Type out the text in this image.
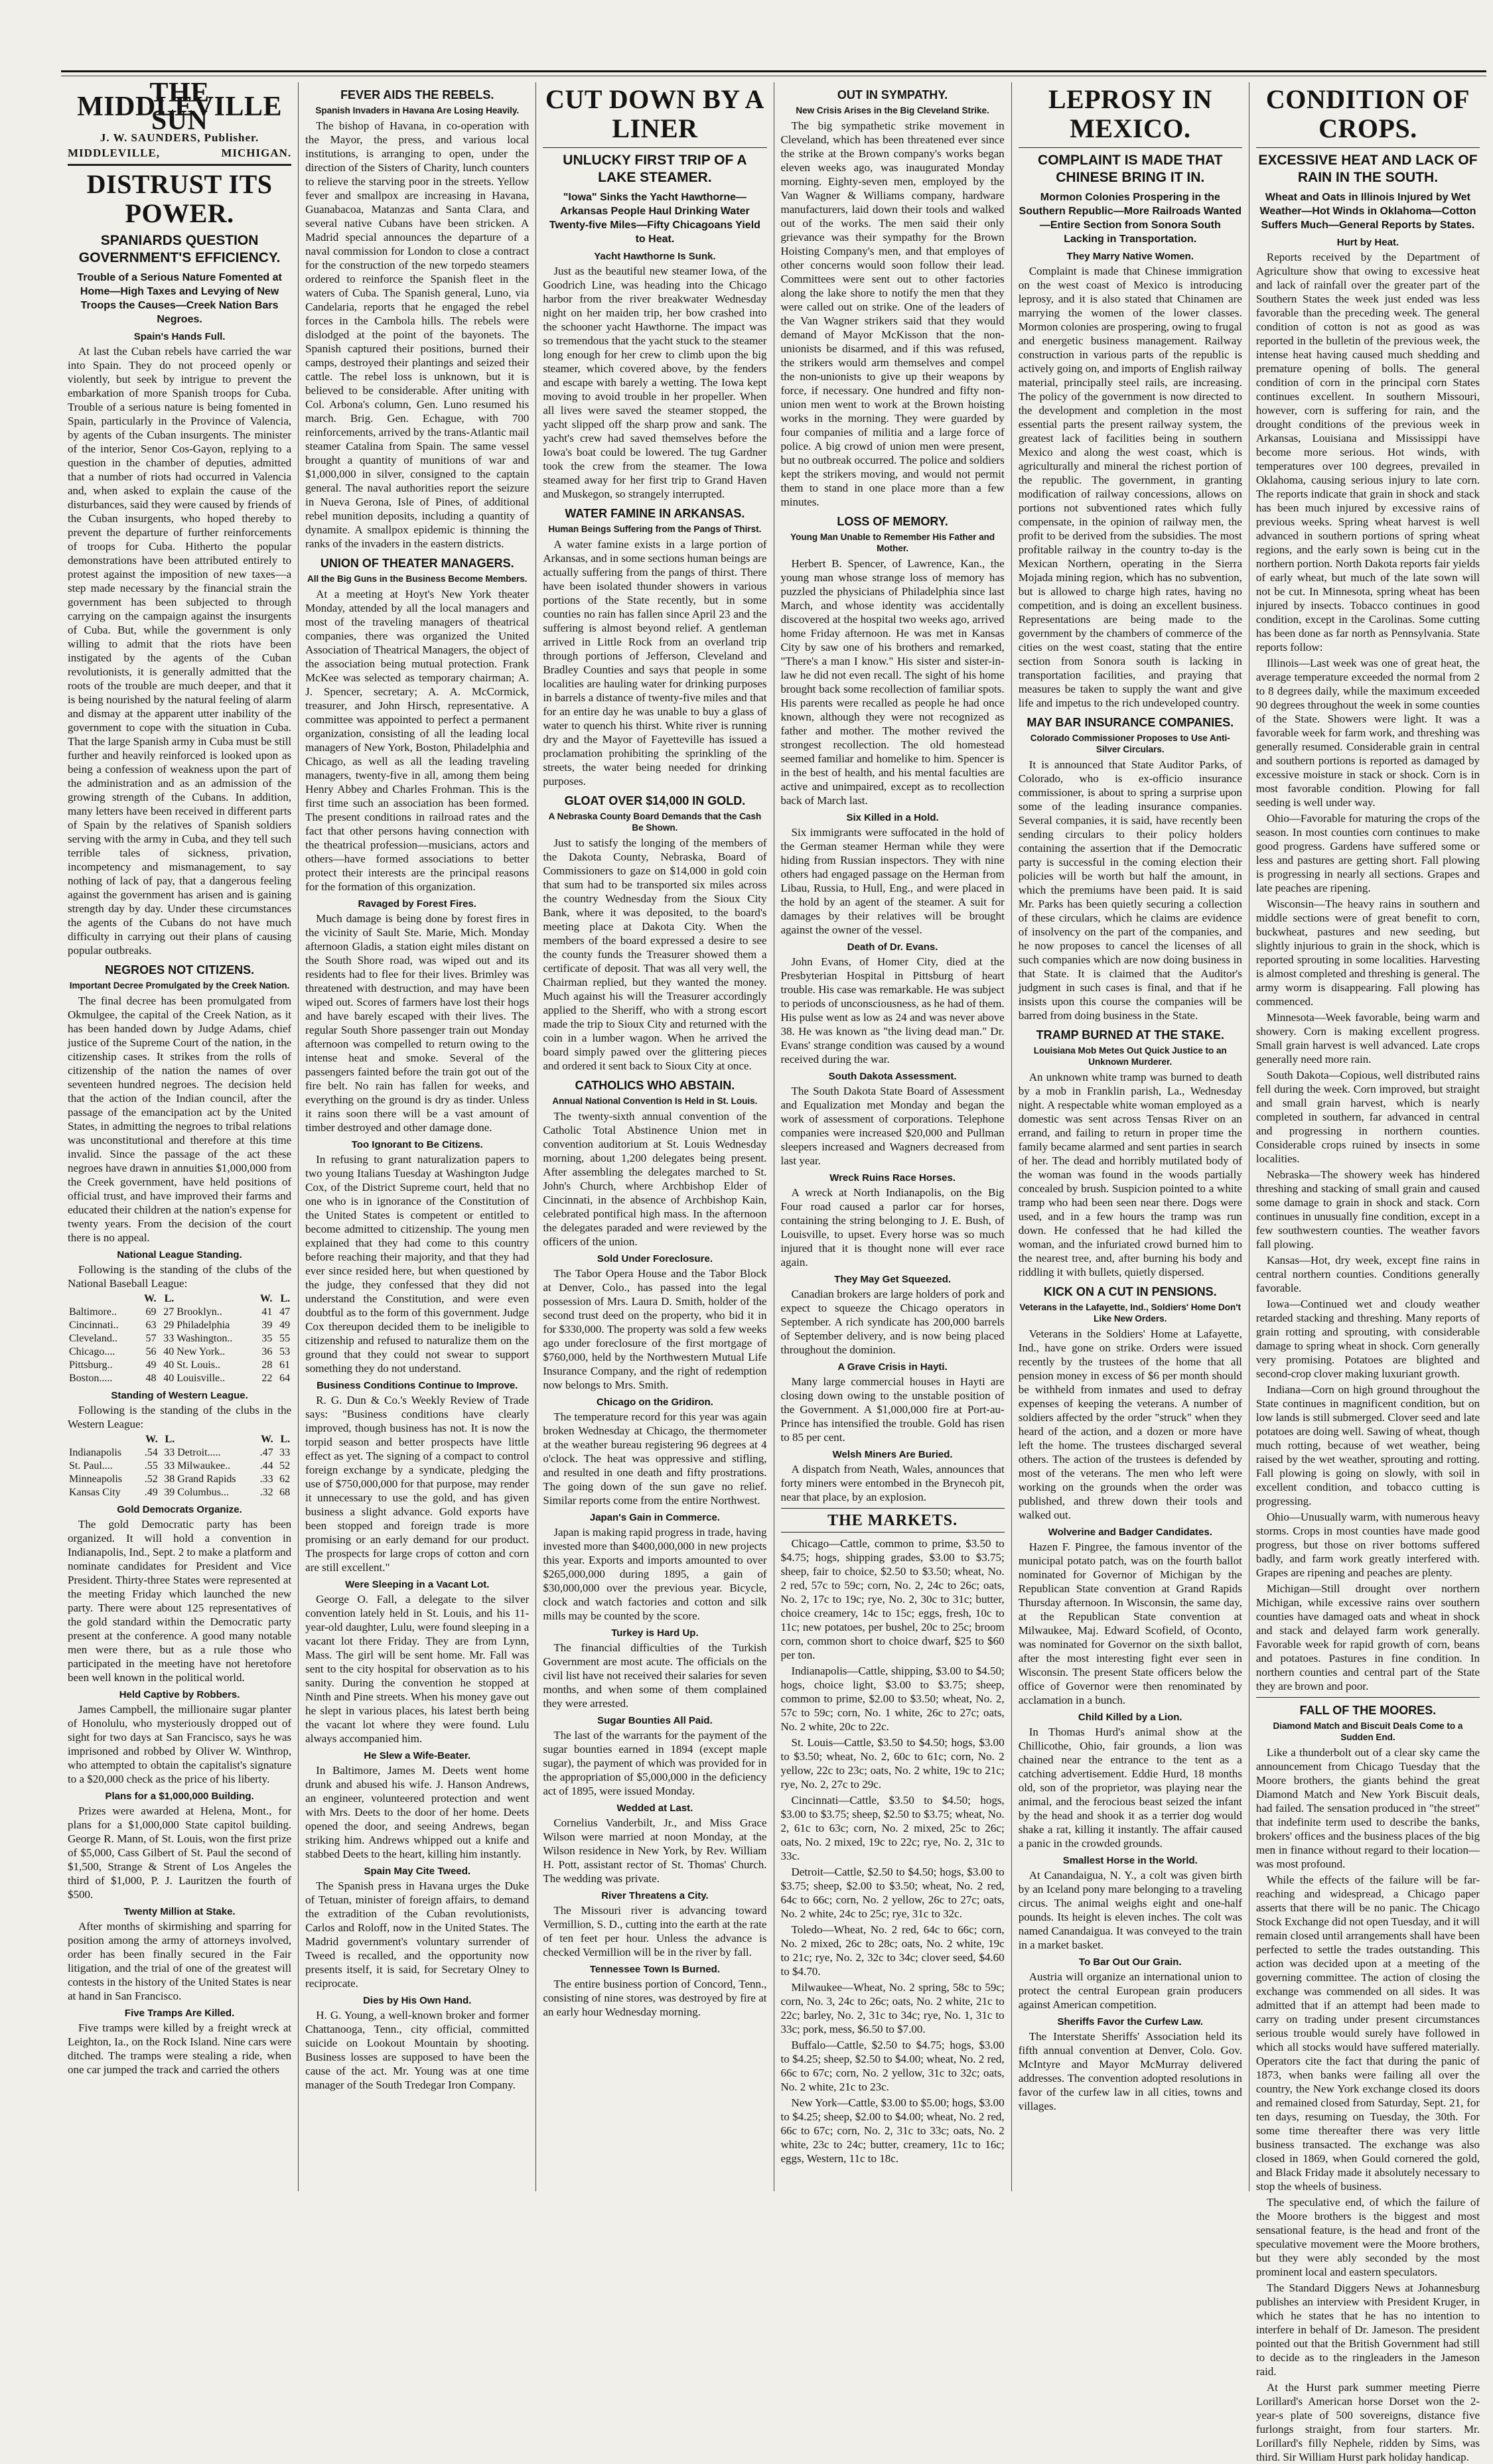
THE MIDDLEVILLE SUN
J. W. SAUNDERS, Publisher.
MIDDLEVILLE,	MICHIGAN.
DISTRUST ITS POWER.
SPANIARDS QUESTION GOVERNMENT'S EFFICIENCY.
Trouble of a Serious Nature Fomented at Home—High Taxes and Levying of New Troops the Causes—Creek Nation Bars Negroes.
Spain's Hands Full.

At last the Cuban rebels have carried the war into Spain. They do not proceed openly or violently, but seek by intrigue to prevent the embarkation of more Spanish troops for Cuba. Trouble of a serious nature is being fomented in Spain, particularly in the Province of Valencia, by agents of the Cuban insurgents. The minister of the interior, Senor Cos-Gayon, replying to a question in the chamber of deputies, admitted that a number of riots had occurred in Valencia and, when asked to explain the cause of the disturbances, said they were caused by friends of the Cuban insurgents, who hoped thereby to prevent the departure of further reinforcements of troops for Cuba. Hitherto the popular demonstrations have been attributed entirely to protest against the imposition of new taxes—a step made necessary by the financial strain the government has been subjected to through carrying on the campaign against the insurgents of Cuba. But, while the government is only willing to admit that the riots have been instigated by the agents of the Cuban revolutionists, it is generally admitted that the roots of the trouble are much deeper, and that it is being nourished by the natural feeling of alarm and dismay at the apparent utter inability of the government to cope with the situation in Cuba. That the large Spanish army in Cuba must be still further and heavily reinforced is looked upon as being a confession of weakness upon the part of the administration and as an admission of the growing strength of the Cubans. In addition, many letters have been received in different parts of Spain by the relatives of Spanish soldiers serving with the army in Cuba, and they tell such terrible tales of sickness, privation, incompetency and mismanagement, to say nothing of lack of pay, that a dangerous feeling against the government has arisen and is gaining strength day by day. Under these circumstances the agents of the Cubans do not have much difficulty in carrying out their plans of causing popular outbreaks.

NEGROES NOT CITIZENS.
Important Decree Promulgated by the Creek Nation.

The final decree has been promulgated from Okmulgee, the capital of the Creek Nation, as it has been handed down by Judge Adams, chief justice of the Supreme Court of the nation, in the citizenship cases. It strikes from the rolls of citizenship of the nation the names of over seventeen hundred negroes. The decision held that the action of the Indian council, after the passage of the emancipation act by the United States, in admitting the negroes to tribal relations was unconstitutional and therefore at this time invalid. Since the passage of the act these negroes have drawn in annuities $1,000,000 from the Creek government, have held positions of official trust, and have improved their farms and educated their children at the nation's expense for twenty years. From the decision of the court there is no appeal.

National League Standing.

Following is the standing of the clubs of the National Baseball League:

	W.	L.		W.	L.
Baltimore..	69	27	Brooklyn..	41	47
Cincinnati..	63	29	Philadelphia	39	49
Cleveland..	57	33	Washington..	35	55
Chicago....	56	40	New York..	36	53
Pittsburg..	49	40	St. Louis..	28	61
Boston.....	48	40	Louisville..	22	64
Standing of Western League.

Following is the standing of the clubs in the Western League:

	W.	L.		W.	L.
Indianapolis	.54	33	Detroit.....	.47	33
St. Paul....	.55	33	Milwaukee..	.44	52
Minneapolis	.52	38	Grand Rapids	.33	62
Kansas City	.49	39	Columbus...	.32	68
Gold Democrats Organize.

The gold Democratic party has been organized. It will hold a convention in Indianapolis, Ind., Sept. 2 to make a platform and nominate candidates for President and Vice President. Thirty-three States were represented at the meeting Friday which launched the new party. There were about 125 representatives of the gold standard within the Democratic party present at the conference. A good many notable men were there, but as a rule those who participated in the meeting have not heretofore been well known in the political world.

Held Captive by Robbers.

James Campbell, the millionaire sugar planter of Honolulu, who mysteriously dropped out of sight for two days at San Francisco, says he was imprisoned and robbed by Oliver W. Winthrop, who attempted to obtain the capitalist's signature to a $20,000 check as the price of his liberty.

Plans for a $1,000,000 Building.

Prizes were awarded at Helena, Mont., for plans for a $1,000,000 State capitol building. George R. Mann, of St. Louis, won the first prize of $5,000, Cass Gilbert of St. Paul the second of $1,500, Strange & Strent of Los Angeles the third of $1,000, P. J. Lauritzen the fourth of $500.

Twenty Million at Stake.

After months of skirmishing and sparring for position among the army of attorneys involved, order has been finally secured in the Fair litigation, and the trial of one of the greatest will contests in the history of the United States is near at hand in San Francisco.

Five Tramps Are Killed.

Five tramps were killed by a freight wreck at Leighton, Ia., on the Rock Island. Nine cars were ditched. The tramps were stealing a ride, when one car jumped the track and carried the others

FEVER AIDS THE REBELS.
Spanish Invaders in Havana Are Losing Heavily.

The bishop of Havana, in co-operation with the Mayor, the press, and various local institutions, is arranging to open, under the direction of the Sisters of Charity, lunch counters to relieve the starving poor in the streets. Yellow fever and smallpox are increasing in Havana, Guanabacoa, Matanzas and Santa Clara, and several native Cubans have been stricken. A Madrid special announces the departure of a naval commission for London to close a contract for the construction of the new torpedo steamers ordered to reinforce the Spanish fleet in the waters of Cuba. The Spanish general, Luno, via Candelaria, reports that he engaged the rebel forces in the Cambola hills. The rebels were dislodged at the point of the bayonets. The Spanish captured their positions, burned their camps, destroyed their plantings and seized their cattle. The rebel loss is unknown, but it is believed to be considerable. After uniting with Col. Arbona's column, Gen. Luno resumed his march. Brig. Gen. Echague, with 700 reinforcements, arrived by the trans-Atlantic mail steamer Catalina from Spain. The same vessel brought a quantity of munitions of war and $1,000,000 in silver, consigned to the captain general. The naval authorities report the seizure in Nueva Gerona, Isle of Pines, of additional rebel munition deposits, including a quantity of dynamite. A smallpox epidemic is thinning the ranks of the invaders in the eastern districts.

UNION OF THEATER MANAGERS.
All the Big Guns in the Business Become Members.

At a meeting at Hoyt's New York theater Monday, attended by all the local managers and most of the traveling managers of theatrical companies, there was organized the United Association of Theatrical Managers, the object of the association being mutual protection. Frank McKee was selected as temporary chairman; A. J. Spencer, secretary; A. A. McCormick, treasurer, and John Hirsch, representative. A committee was appointed to perfect a permanent organization, consisting of all the leading local managers of New York, Boston, Philadelphia and Chicago, as well as all the leading traveling managers, twenty-five in all, among them being Henry Abbey and Charles Frohman. This is the first time such an association has been formed. The present conditions in railroad rates and the fact that other persons having connection with the theatrical profession—musicians, actors and others—have formed associations to better protect their interests are the principal reasons for the formation of this organization.

Ravaged by Forest Fires.

Much damage is being done by forest fires in the vicinity of Sault Ste. Marie, Mich. Monday afternoon Gladis, a station eight miles distant on the South Shore road, was wiped out and its residents had to flee for their lives. Brimley was threatened with destruction, and may have been wiped out. Scores of farmers have lost their hogs and have barely escaped with their lives. The regular South Shore passenger train out Monday afternoon was compelled to return owing to the intense heat and smoke. Several of the passengers fainted before the train got out of the fire belt. No rain has fallen for weeks, and everything on the ground is dry as tinder. Unless it rains soon there will be a vast amount of timber destroyed and other damage done.

Too Ignorant to Be Citizens.

In refusing to grant naturalization papers to two young Italians Tuesday at Washington Judge Cox, of the District Supreme court, held that no one who is in ignorance of the Constitution of the United States is competent or entitled to become admitted to citizenship. The young men explained that they had come to this country before reaching their majority, and that they had ever since resided here, but when questioned by the judge, they confessed that they did not understand the Constitution, and were even doubtful as to the form of this government. Judge Cox thereupon decided them to be ineligible to citizenship and refused to naturalize them on the ground that they could not swear to support something they do not understand.

Business Conditions Continue to Improve.

R. G. Dun & Co.'s Weekly Review of Trade says: "Business conditions have clearly improved, though business has not. It is now the torpid season and better prospects have little effect as yet. The signing of a compact to control foreign exchange by a syndicate, pledging the use of $750,000,000 for that purpose, may render it unnecessary to use the gold, and has given business a slight advance. Gold exports have been stopped and foreign trade is more promising or an early demand for our product. The prospects for large crops of cotton and corn are still excellent."

Were Sleeping in a Vacant Lot.

George O. Fall, a delegate to the silver convention lately held in St. Louis, and his 11-year-old daughter, Lulu, were found sleeping in a vacant lot there Friday. They are from Lynn, Mass. The girl will be sent home. Mr. Fall was sent to the city hospital for observation as to his sanity. During the convention he stopped at Ninth and Pine streets. When his money gave out he slept in various places, his latest berth being the vacant lot where they were found. Lulu always accompanied him.

He Slew a Wife-Beater.

In Baltimore, James M. Deets went home drunk and abused his wife. J. Hanson Andrews, an engineer, volunteered protection and went with Mrs. Deets to the door of her home. Deets opened the door, and seeing Andrews, began striking him. Andrews whipped out a knife and stabbed Deets to the heart, killing him instantly.

Spain May Cite Tweed.

The Spanish press in Havana urges the Duke of Tetuan, minister of foreign affairs, to demand the extradition of the Cuban revolutionists, Carlos and Roloff, now in the United States. The Madrid government's voluntary surrender of Tweed is recalled, and the opportunity now presents itself, it is said, for Secretary Olney to reciprocate.

Dies by His Own Hand.

H. G. Young, a well-known broker and former Chattanooga, Tenn., city official, committed suicide on Lookout Mountain by shooting. Business losses are supposed to have been the cause of the act. Mr. Young was at one time manager of the South Tredegar Iron Company.

CUT DOWN BY A LINER
UNLUCKY FIRST TRIP OF A LAKE STEAMER.
"Iowa" Sinks the Yacht Hawthorne—Arkansas People Haul Drinking Water Twenty-five Miles—Fifty Chicagoans Yield to Heat.
Yacht Hawthorne Is Sunk.

Just as the beautiful new steamer Iowa, of the Goodrich Line, was heading into the Chicago harbor from the river breakwater Wednesday night on her maiden trip, her bow crashed into the schooner yacht Hawthorne. The impact was so tremendous that the yacht stuck to the steamer long enough for her crew to climb upon the big steamer, which covered above, by the fenders and escape with barely a wetting. The Iowa kept moving to avoid trouble in her propeller. When all lives were saved the steamer stopped, the yacht slipped off the sharp prow and sank. The yacht's crew had saved themselves before the Iowa's boat could be lowered. The tug Gardner took the crew from the steamer. The Iowa steamed away for her first trip to Grand Haven and Muskegon, so strangely interrupted.

WATER FAMINE IN ARKANSAS.
Human Beings Suffering from the Pangs of Thirst.

A water famine exists in a large portion of Arkansas, and in some sections human beings are actually suffering from the pangs of thirst. There have been isolated thunder showers in various portions of the State recently, but in some counties no rain has fallen since April 23 and the suffering is almost beyond relief. A gentleman arrived in Little Rock from an overland trip through portions of Jefferson, Cleveland and Bradley Counties and says that people in some localities are hauling water for drinking purposes in barrels a distance of twenty-five miles and that for an entire day he was unable to buy a glass of water to quench his thirst. White river is running dry and the Mayor of Fayetteville has issued a proclamation prohibiting the sprinkling of the streets, the water being needed for drinking purposes.

GLOAT OVER $14,000 IN GOLD.
A Nebraska County Board Demands that the Cash Be Shown.

Just to satisfy the longing of the members of the Dakota County, Nebraska, Board of Commissioners to gaze on $14,000 in gold coin that sum had to be transported six miles across the country Wednesday from the Sioux City Bank, where it was deposited, to the board's meeting place at Dakota City. When the members of the board expressed a desire to see the county funds the Treasurer showed them a certificate of deposit. That was all very well, the Chairman replied, but they wanted the money. Much against his will the Treasurer accordingly applied to the Sheriff, who with a strong escort made the trip to Sioux City and returned with the coin in a lumber wagon. When he arrived the board simply pawed over the glittering pieces and ordered it sent back to Sioux City at once.

CATHOLICS WHO ABSTAIN.
Annual National Convention Is Held in St. Louis.

The twenty-sixth annual convention of the Catholic Total Abstinence Union met in convention auditorium at St. Louis Wednesday morning, about 1,200 delegates being present. After assembling the delegates marched to St. John's Church, where Archbishop Elder of Cincinnati, in the absence of Archbishop Kain, celebrated pontifical high mass. In the afternoon the delegates paraded and were reviewed by the officers of the union.

Sold Under Foreclosure.

The Tabor Opera House and the Tabor Block at Denver, Colo., has passed into the legal possession of Mrs. Laura D. Smith, holder of the second trust deed on the property, who bid it in for $330,000. The property was sold a few weeks ago under foreclosure of the first mortgage of $760,000, held by the Northwestern Mutual Life Insurance Company, and the right of redemption now belongs to Mrs. Smith.

Chicago on the Gridiron.

The temperature record for this year was again broken Wednesday at Chicago, the thermometer at the weather bureau registering 96 degrees at 4 o'clock. The heat was oppressive and stifling, and resulted in one death and fifty prostrations. The going down of the sun gave no relief. Similar reports come from the entire Northwest.

Japan's Gain in Commerce.

Japan is making rapid progress in trade, having invested more than $400,000,000 in new projects this year. Exports and imports amounted to over $265,000,000 during 1895, a gain of $30,000,000 over the previous year. Bicycle, clock and watch factories and cotton and silk mills may be counted by the score.

Turkey is Hard Up.

The financial difficulties of the Turkish Government are most acute. The officials on the civil list have not received their salaries for seven months, and when some of them complained they were arrested.

Sugar Bounties All Paid.

The last of the warrants for the payment of the sugar bounties earned in 1894 (except maple sugar), the payment of which was provided for in the appropriation of $5,000,000 in the deficiency act of 1895, were issued Monday.

Wedded at Last.

Cornelius Vanderbilt, Jr., and Miss Grace Wilson were married at noon Monday, at the Wilson residence in New York, by Rev. William H. Pott, assistant rector of St. Thomas' Church. The wedding was private.

River Threatens a City.

The Missouri river is advancing toward Vermillion, S. D., cutting into the earth at the rate of ten feet per hour. Unless the advance is checked Vermillion will be in the river by fall.

Tennessee Town Is Burned.

The entire business portion of Concord, Tenn., consisting of nine stores, was destroyed by fire at an early hour Wednesday morning.

OUT IN SYMPATHY.
New Crisis Arises in the Big Cleveland Strike.

The big sympathetic strike movement in Cleveland, which has been threatened ever since the strike at the Brown company's works began eleven weeks ago, was inaugurated Monday morning. Eighty-seven men, employed by the Van Wagner & Williams company, hardware manufacturers, laid down their tools and walked out of the works. The men said their only grievance was their sympathy for the Brown Hoisting Company's men, and that employes of other concerns would soon follow their lead. Committees were sent out to other factories along the lake shore to notify the men that they were called out on strike. One of the leaders of the Van Wagner strikers said that they would demand of Mayor McKisson that the non-unionists be disarmed, and if this was refused, the strikers would arm themselves and compel the non-unionists to give up their weapons by force, if necessary. One hundred and fifty non-union men went to work at the Brown hoisting works in the morning. They were guarded by four companies of militia and a large force of police. A big crowd of union men were present, but no outbreak occurred. The police and soldiers kept the strikers moving, and would not permit them to stand in one place more than a few minutes.

LOSS OF MEMORY.
Young Man Unable to Remember His Father and Mother.

Herbert B. Spencer, of Lawrence, Kan., the young man whose strange loss of memory has puzzled the physicians of Philadelphia since last March, and whose identity was accidentally discovered at the hospital two weeks ago, arrived home Friday afternoon. He was met in Kansas City by saw one of his brothers and remarked, "There's a man I know." His sister and sister-in-law he did not even recall. The sight of his home brought back some recollection of familiar spots. His parents were recalled as people he had once known, although they were not recognized as father and mother. The mother revived the strongest recollection. The old homestead seemed familiar and homelike to him. Spencer is in the best of health, and his mental faculties are active and unimpaired, except as to recollection back of March last.

Six Killed in a Hold.

Six immigrants were suffocated in the hold of the German steamer Herman while they were hiding from Russian inspectors. They with nine others had engaged passage on the Herman from Libau, Russia, to Hull, Eng., and were placed in the hold by an agent of the steamer. A suit for damages by their relatives will be brought against the owner of the vessel.

Death of Dr. Evans.

John Evans, of Homer City, died at the Presbyterian Hospital in Pittsburg of heart trouble. His case was remarkable. He was subject to periods of unconsciousness, as he had of them. His pulse went as low as 24 and was never above 38. He was known as "the living dead man." Dr. Evans' strange condition was caused by a wound received during the war.

South Dakota Assessment.

The South Dakota State Board of Assessment and Equalization met Monday and began the work of assessment of corporations. Telephone companies were increased $20,000 and Pullman sleepers increased and Wagners decreased from last year.

Wreck Ruins Race Horses.

A wreck at North Indianapolis, on the Big Four road caused a parlor car for horses, containing the string belonging to J. E. Bush, of Louisville, to upset. Every horse was so much injured that it is thought none will ever race again.

They May Get Squeezed.

Canadian brokers are large holders of pork and expect to squeeze the Chicago operators in September. A rich syndicate has 200,000 barrels of September delivery, and is now being placed throughout the dominion.

A Grave Crisis in Hayti.

Many large commercial houses in Hayti are closing down owing to the unstable position of the Government. A $1,000,000 fire at Port-au-Prince has intensified the trouble. Gold has risen to 85 per cent.

Welsh Miners Are Buried.

A dispatch from Neath, Wales, announces that forty miners were entombed in the Brynecoh pit, near that place, by an explosion.

THE MARKETS.

Chicago—Cattle, common to prime, $3.50 to $4.75; hogs, shipping grades, $3.00 to $3.75; sheep, fair to choice, $2.50 to $3.50; wheat, No. 2 red, 57c to 59c; corn, No. 2, 24c to 26c; oats, No. 2, 17c to 19c; rye, No. 2, 30c to 31c; butter, choice creamery, 14c to 15c; eggs, fresh, 10c to 11c; new potatoes, per bushel, 20c to 25c; broom corn, common short to choice dwarf, $25 to $60 per ton.

Indianapolis—Cattle, shipping, $3.00 to $4.50; hogs, choice light, $3.00 to $3.75; sheep, common to prime, $2.00 to $3.50; wheat, No. 2, 57c to 59c; corn, No. 1 white, 26c to 27c; oats, No. 2 white, 20c to 22c.

St. Louis—Cattle, $3.50 to $4.50; hogs, $3.00 to $3.50; wheat, No. 2, 60c to 61c; corn, No. 2 yellow, 22c to 23c; oats, No. 2 white, 19c to 21c; rye, No. 2, 27c to 29c.

Cincinnati—Cattle, $3.50 to $4.50; hogs, $3.00 to $3.75; sheep, $2.50 to $3.75; wheat, No. 2, 61c to 63c; corn, No. 2 mixed, 25c to 26c; oats, No. 2 mixed, 19c to 22c; rye, No. 2, 31c to 33c.

Detroit—Cattle, $2.50 to $4.50; hogs, $3.00 to $3.75; sheep, $2.00 to $3.50; wheat, No. 2 red, 64c to 66c; corn, No. 2 yellow, 26c to 27c; oats, No. 2 white, 24c to 25c; rye, 31c to 32c.

Toledo—Wheat, No. 2 red, 64c to 66c; corn, No. 2 mixed, 26c to 28c; oats, No. 2 white, 19c to 21c; rye, No. 2, 32c to 34c; clover seed, $4.60 to $4.70.

Milwaukee—Wheat, No. 2 spring, 58c to 59c; corn, No. 3, 24c to 26c; oats, No. 2 white, 21c to 22c; barley, No. 2, 31c to 34c; rye, No. 1, 31c to 33c; pork, mess, $6.50 to $7.00.

Buffalo—Cattle, $2.50 to $4.75; hogs, $3.00 to $4.25; sheep, $2.50 to $4.00; wheat, No. 2 red, 66c to 67c; corn, No. 2 yellow, 31c to 32c; oats, No. 2 white, 21c to 23c.

New York—Cattle, $3.00 to $5.00; hogs, $3.00 to $4.25; sheep, $2.00 to $4.00; wheat, No. 2 red, 66c to 67c; corn, No. 2, 31c to 33c; oats, No. 2 white, 23c to 24c; butter, creamery, 11c to 16c; eggs, Western, 11c to 18c.

LEPROSY IN MEXICO.
COMPLAINT IS MADE THAT CHINESE BRING IT IN.
Mormon Colonies Prospering in the Southern Republic—More Railroads Wanted—Entire Section from Sonora South Lacking in Transportation.
They Marry Native Women.

Complaint is made that Chinese immigration on the west coast of Mexico is introducing leprosy, and it is also stated that Chinamen are marrying the women of the lower classes. Mormon colonies are prospering, owing to frugal and energetic business management. Railway construction in various parts of the republic is actively going on, and imports of English railway material, principally steel rails, are increasing. The policy of the government is now directed to the development and completion in the most essential parts the present railway system, the greatest lack of facilities being in southern Mexico and along the west coast, which is agriculturally and mineral the richest portion of the republic. The government, in granting modification of railway concessions, allows on portions not subventioned rates which fully compensate, in the opinion of railway men, the profit to be derived from the subsidies. The most profitable railway in the country to-day is the Mexican Northern, operating in the Sierra Mojada mining region, which has no subvention, but is allowed to charge high rates, having no competition, and is doing an excellent business. Representations are being made to the government by the chambers of commerce of the cities on the west coast, stating that the entire section from Sonora south is lacking in transportation facilities, and praying that measures be taken to supply the want and give life and impetus to the rich undeveloped country.

MAY BAR INSURANCE COMPANIES.
Colorado Commissioner Proposes to Use Anti-Silver Circulars.

It is announced that State Auditor Parks, of Colorado, who is ex-officio insurance commissioner, is about to spring a surprise upon some of the leading insurance companies. Several companies, it is said, have recently been sending circulars to their policy holders containing the assertion that if the Democratic party is successful in the coming election their policies will be worth but half the amount, in which the premiums have been paid. It is said Mr. Parks has been quietly securing a collection of these circulars, which he claims are evidence of insolvency on the part of the companies, and he now proposes to cancel the licenses of all such companies which are now doing business in that State. It is claimed that the Auditor's judgment in such cases is final, and that if he insists upon this course the companies will be barred from doing business in the State.

TRAMP BURNED AT THE STAKE.
Louisiana Mob Metes Out Quick Justice to an Unknown Murderer.

An unknown white tramp was burned to death by a mob in Franklin parish, La., Wednesday night. A respectable white woman employed as a domestic was sent across Tensas River on an errand, and failing to return in proper time the family became alarmed and sent parties in search of her. The dead and horribly mutilated body of the woman was found in the woods partially concealed by brush. Suspicion pointed to a white tramp who had been seen near there. Dogs were used, and in a few hours the tramp was run down. He confessed that he had killed the woman, and the infuriated crowd burned him to the nearest tree, and, after burning his body and riddling it with bullets, quietly dispersed.

KICK ON A CUT IN PENSIONS.
Veterans in the Lafayette, Ind., Soldiers' Home Don't Like New Orders.

Veterans in the Soldiers' Home at Lafayette, Ind., have gone on strike. Orders were issued recently by the trustees of the home that all pension money in excess of $6 per month should be withheld from inmates and used to defray expenses of keeping the veterans. A number of soldiers affected by the order "struck" when they heard of the action, and a dozen or more have left the home. The trustees discharged several others. The action of the trustees is defended by most of the veterans. The men who left were working on the grounds when the order was published, and threw down their tools and walked out.

Wolverine and Badger Candidates.

Hazen F. Pingree, the famous inventor of the municipal potato patch, was on the fourth ballot nominated for Governor of Michigan by the Republican State convention at Grand Rapids Thursday afternoon. In Wisconsin, the same day, at the Republican State convention at Milwaukee, Maj. Edward Scofield, of Oconto, was nominated for Governor on the sixth ballot, after the most interesting fight ever seen in Wisconsin. The present State officers below the office of Governor were then renominated by acclamation in a bunch.

Child Killed by a Lion.

In Thomas Hurd's animal show at the Chillicothe, Ohio, fair grounds, a lion was chained near the entrance to the tent as a catching advertisement. Eddie Hurd, 18 months old, son of the proprietor, was playing near the animal, and the ferocious beast seized the infant by the head and shook it as a terrier dog would shake a rat, killing it instantly. The affair caused a panic in the crowded grounds.

Smallest Horse in the World.

At Canandaigua, N. Y., a colt was given birth by an Iceland pony mare belonging to a traveling circus. The animal weighs eight and one-half pounds. Its height is eleven inches. The colt was named Canandaigua. It was conveyed to the train in a market basket.

To Bar Out Our Grain.

Austria will organize an international union to protect the central European grain producers against American competition.

Sheriffs Favor the Curfew Law.

The Interstate Sheriffs' Association held its fifth annual convention at Denver, Colo. Gov. McIntyre and Mayor McMurray delivered addresses. The convention adopted resolutions in favor of the curfew law in all cities, towns and villages.

CONDITION OF CROPS.
EXCESSIVE HEAT AND LACK OF RAIN IN THE SOUTH.
Wheat and Oats in Illinois Injured by Wet Weather—Hot Winds in Oklahoma—Cotton Suffers Much—General Reports by States.
Hurt by Heat.

Reports received by the Department of Agriculture show that owing to excessive heat and lack of rainfall over the greater part of the Southern States the week just ended was less favorable than the preceding week. The general condition of cotton is not as good as was reported in the bulletin of the previous week, the intense heat having caused much shedding and premature opening of bolls. The general condition of corn in the principal corn States continues excellent. In southern Missouri, however, corn is suffering for rain, and the drought conditions of the previous week in Arkansas, Louisiana and Mississippi have become more serious. Hot winds, with temperatures over 100 degrees, prevailed in Oklahoma, causing serious injury to late corn. The reports indicate that grain in shock and stack has been much injured by excessive rains of previous weeks. Spring wheat harvest is well advanced in southern portions of spring wheat regions, and the early sown is being cut in the northern portion. North Dakota reports fair yields of early wheat, but much of the late sown will not be cut. In Minnesota, spring wheat has been injured by insects. Tobacco continues in good condition, except in the Carolinas. Some cutting has been done as far north as Pennsylvania. State reports follow:

Illinois—Last week was one of great heat, the average temperature exceeded the normal from 2 to 8 degrees daily, while the maximum exceeded 90 degrees throughout the week in some counties of the State. Showers were light. It was a favorable week for farm work, and threshing was generally resumed. Considerable grain in central and southern portions is reported as damaged by excessive moisture in stack or shock. Corn is in most favorable condition. Plowing for fall seeding is well under way.

Ohio—Favorable for maturing the crops of the season. In most counties corn continues to make good progress. Gardens have suffered some or less and pastures are getting short. Fall plowing is progressing in nearly all sections. Grapes and late peaches are ripening.

Wisconsin—The heavy rains in southern and middle sections were of great benefit to corn, buckwheat, pastures and new seeding, but slightly injurious to grain in the shock, which is reported sprouting in some localities. Harvesting is almost completed and threshing is general. The army worm is disappearing. Fall plowing has commenced.

Minnesota—Week favorable, being warm and showery. Corn is making excellent progress. Small grain harvest is well advanced. Late crops generally need more rain.

South Dakota—Copious, well distributed rains fell during the week. Corn improved, but straight and small grain harvest, which is nearly completed in southern, far advanced in central and progressing in northern counties. Considerable crops ruined by insects in some localities.

Nebraska—The showery week has hindered threshing and stacking of small grain and caused some damage to grain in shock and stack. Corn continues in unusually fine condition, except in a few southwestern counties. The weather favors fall plowing.

Kansas—Hot, dry week, except fine rains in central northern counties. Conditions generally favorable.

Iowa—Continued wet and cloudy weather retarded stacking and threshing. Many reports of grain rotting and sprouting, with considerable damage to spring wheat in shock. Corn generally very promising. Potatoes are blighted and second-crop clover making luxuriant growth.

Indiana—Corn on high ground throughout the State continues in magnificent condition, but on low lands is still submerged. Clover seed and late potatoes are doing well. Sawing of wheat, though much rotting, because of wet weather, being raised by the wet weather, sprouting and rotting. Fall plowing is going on slowly, with soil in excellent condition, and tobacco cutting is progressing.

Ohio—Unusually warm, with numerous heavy storms. Crops in most counties have made good progress, but those on river bottoms suffered badly, and farm work greatly interfered with. Grapes are ripening and peaches are plenty.

Michigan—Still drought over northern Michigan, while excessive rains over southern counties have damaged oats and wheat in shock and stack and delayed farm work generally. Favorable week for rapid growth of corn, beans and potatoes. Pastures in fine condition. In northern counties and central part of the State they are brown and poor.

FALL OF THE MOORES.
Diamond Match and Biscuit Deals Come to a Sudden End.

Like a thunderbolt out of a clear sky came the announcement from Chicago Tuesday that the Moore brothers, the giants behind the great Diamond Match and New York Biscuit deals, had failed. The sensation produced in "the street" that indefinite term used to describe the banks, brokers' offices and the business places of the big men in finance without regard to their location—was most profound.

While the effects of the failure will be far-reaching and widespread, a Chicago paper asserts that there will be no panic. The Chicago Stock Exchange did not open Tuesday, and it will remain closed until arrangements shall have been perfected to settle the trades outstanding. This action was decided upon at a meeting of the governing committee. The action of closing the exchange was commended on all sides. It was admitted that if an attempt had been made to carry on trading under present circumstances serious trouble would surely have followed in which all stocks would have suffered materially. Operators cite the fact that during the panic of 1873, when banks were failing all over the country, the New York exchange closed its doors and remained closed from Saturday, Sept. 21, for ten days, resuming on Tuesday, the 30th. For some time thereafter there was very little business transacted. The exchange was also closed in 1869, when Gould cornered the gold, and Black Friday made it absolutely necessary to stop the wheels of business.

The speculative end, of which the failure of the Moore brothers is the biggest and most sensational feature, is the head and front of the speculative movement were the Moore brothers, but they were ably seconded by the most prominent local and eastern speculators.

The Standard Diggers News at Johannesburg publishes an interview with President Kruger, in which he states that he has no intention to interfere in behalf of Dr. Jameson. The president pointed out that the British Government had still to decide as to the ringleaders in the Jameson raid.

At the Hurst park summer meeting Pierre Lorillard's American horse Dorset won the 2-year-s plate of 500 sovereigns, distance five furlongs straight, from four starters. Mr. Lorillard's filly Nephele, ridden by Sims, was third. Sir William Hurst park holiday handicap.
